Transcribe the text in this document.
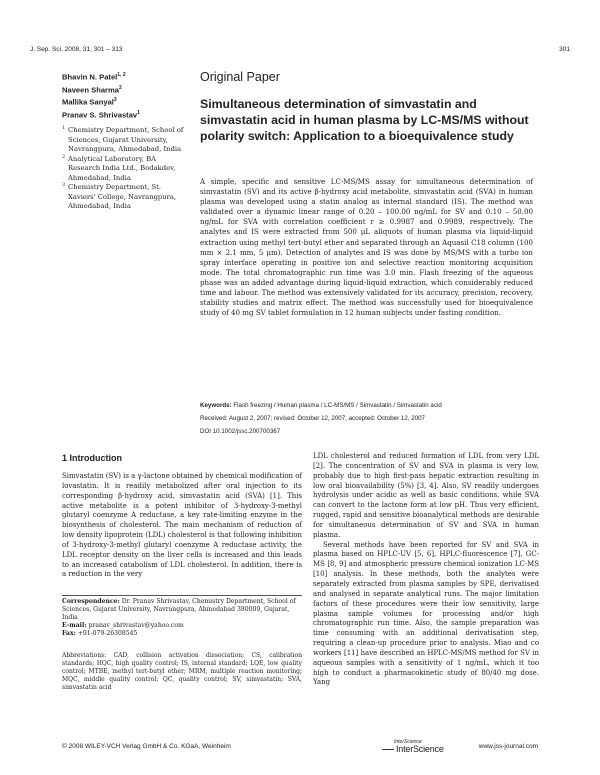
J. Sep. Sci. 2008, 31, 301 – 313	301
Bhavin N. Patel$^{1, 2}$
Naveen Sharma$^2$
Mallika Sanyal$^3$
Pranav S. Shrivastav$^1$
1 Chemistry Department, School of Sciences, Gujarat University, Navrangpura, Ahmedabad, India
2 Analytical Laboratory, BA Research India Ltd., Bodakdev, Ahmedabad, India
3 Chemistry Department, St. Xaviers' College, Navrangpura, Ahmedabad, India
Original Paper
Simultaneous determination of simvastatin and simvastatin acid in human plasma by LC-MS/MS without polarity switch: Application to a bioequivalence study
A simple, specific and sensitive LC-MS/MS assay for simultaneous determination of simvastatin (SV) and its active β-hydroxy acid metabolite, simvastatin acid (SVA) in human plasma was developed using a statin analog as internal standard (IS). The method was validated over a dynamic linear range of 0.20 – 100.00 ng/mL for SV and 0.10 – 50.00 ng/mL for SVA with correlation coefficient r ≥ 0.9987 and 0.9989, respectively. The analytes and IS were extracted from 500 μL aliquots of human plasma via liquid-liquid extraction using methyl tert-butyl ether and separated through an Aquasil C18 column (100 mm × 2.1 mm, 5 μm). Detection of analytes and IS was done by MS/MS with a turbo ion spray interface operating in positive ion and selective reaction monitoring acquisition mode. The total chromatographic run time was 3.0 min. Flash freezing of the aqueous phase was an added advantage during liquid-liquid extraction, which considerably reduced time and labour. The method was extensively validated for its accuracy, precision, recovery, stability studies and matrix effect. The method was successfully used for bioequivalence study of 40 mg SV tablet formulation in 12 human subjects under fasting condition.
Keywords: Flash freezing / Human plasma / LC-MS/MS / Simvastatin / Simvastatin acid
Received: August 2, 2007; revised: October 12, 2007; accepted: October 12, 2007
DOI 10.1002/jssc.200700367
1 Introduction

Simvastatin (SV) is a γ-lactone obtained by chemical modification of lovastatin. It is readily metabolized after oral injection to its corresponding β-hydroxy acid, simvastatin acid (SVA) [1]. This active metabolite is a potent inhibitor of 3-hydroxy-3-methyl glutaryl coenzyme A reductase, a key rate-limiting enzyme in the biosynthesis of cholesterol. The main mechanism of reduction of low density lipoprotein (LDL) cholesterol is that following inhibition of 3-hydroxy-3-methyl glutaryl coenzyme A reductase activity, the LDL receptor density on the liver cells is increased and this leads to an increased catabolism of LDL cholesterol. In addition, there is a reduction in the very

LDL cholesterol and reduced formation of LDL from very LDL [2]. The concentration of SV and SVA in plasma is very low, probably due to high first-pass hepatic extraction resulting in low oral bioavailability (5%) [3, 4]. Also, SV readily undergoes hydrolysis under acidic as well as basic conditions, while SVA can convert to the lactone form at low pH. Thus very efficient, rugged, rapid and sensitive bioanalytical methods are desirable for simultaneous determination of SV and SVA in human plasma.

Several methods have been reported for SV and SVA in plasma based on HPLC-UV [5, 6], HPLC-fluorescence [7], GC-MS [8, 9] and atmospheric pressure chemical ionization LC-MS [10] analysis. In these methods, both the analytes were separately extracted from plasma samples by SPE, derivatised and analysed in separate analytical runs. The major limitation factors of these procedures were their low sensitivity, large plasma sample volumes for processing and/or high chromatographic run time. Also, the sample preparation was time consuming with an additional derivatisation step, requiring a clean-up procedure prior to analysis. Miao and co workers [11] have described an HPLC-MS/MS method for SV in aqueous samples with a sensitivity of 1 ng/mL, which it too high to conduct a pharmacokinetic study of 80/40 mg dose. Yang

Correspondence: Dr. Pranav Shrivastav, Chemistry Department, School of Sciences, Gujarat University, Navrangpura, Ahmedabad 380009, Gujarat, India

E-mail: pranav_shrivastav@yahoo.com

Fax: +91-079-26308545

Abbreviations: CAD, collision activation dissociation; CS, calibration standards; HQC, high quality control; IS, internal standard; LQE, low quality control; MTBE, methyl tert-butyl ether; MRM, multiple reaction monitoring; MQC, middle quality control; QC, quality control; SV, simvastatin; SVA, simvastatin acid
© 2008 WILEY-VCH Verlag GmbH & Co. KGaA, Weinheim
InterScience
InterScience	www.jss-journal.com
